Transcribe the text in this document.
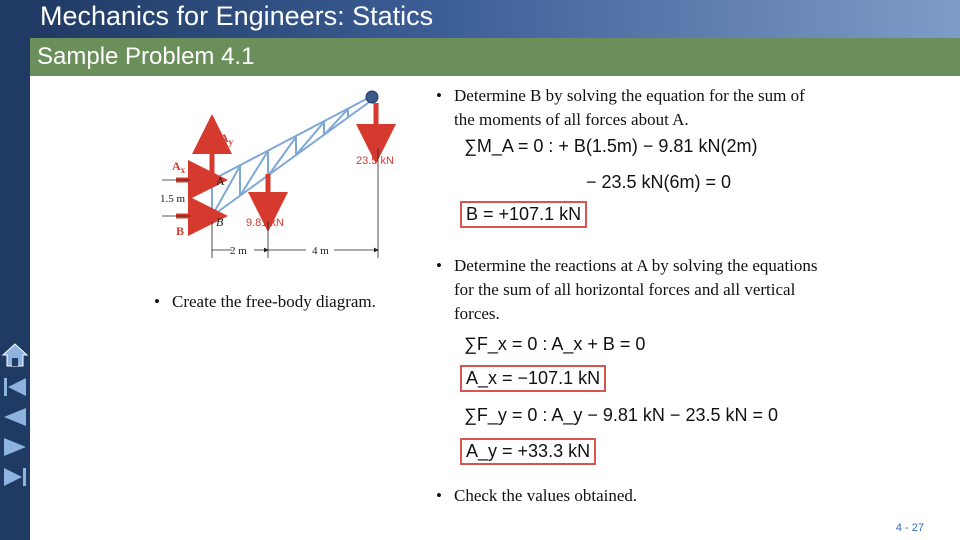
Mechanics for Engineers: Statics
Sample Problem 4.1
$A_y$
$A_x$
A
B
B
23.5 kN
9.81 kN
1.5 m
2 m	4 m
• Create the free-body diagram.
• Determine B by solving the equation for the sum of the moments of all forces about A.
∑M_A = 0 : + B(1.5m) − 9.81 kN(2m)
− 23.5 kN(6m) = 0
B = +107.1 kN
• Determine the reactions at A by solving the equations for the sum of all horizontal forces and all vertical forces.
∑F_x = 0 : A_x + B = 0
A_x = −107.1 kN
∑F_y = 0 : A_y − 9.81 kN − 23.5 kN = 0
A_y = +33.3 kN
• Check the values obtained.
4 - 27
